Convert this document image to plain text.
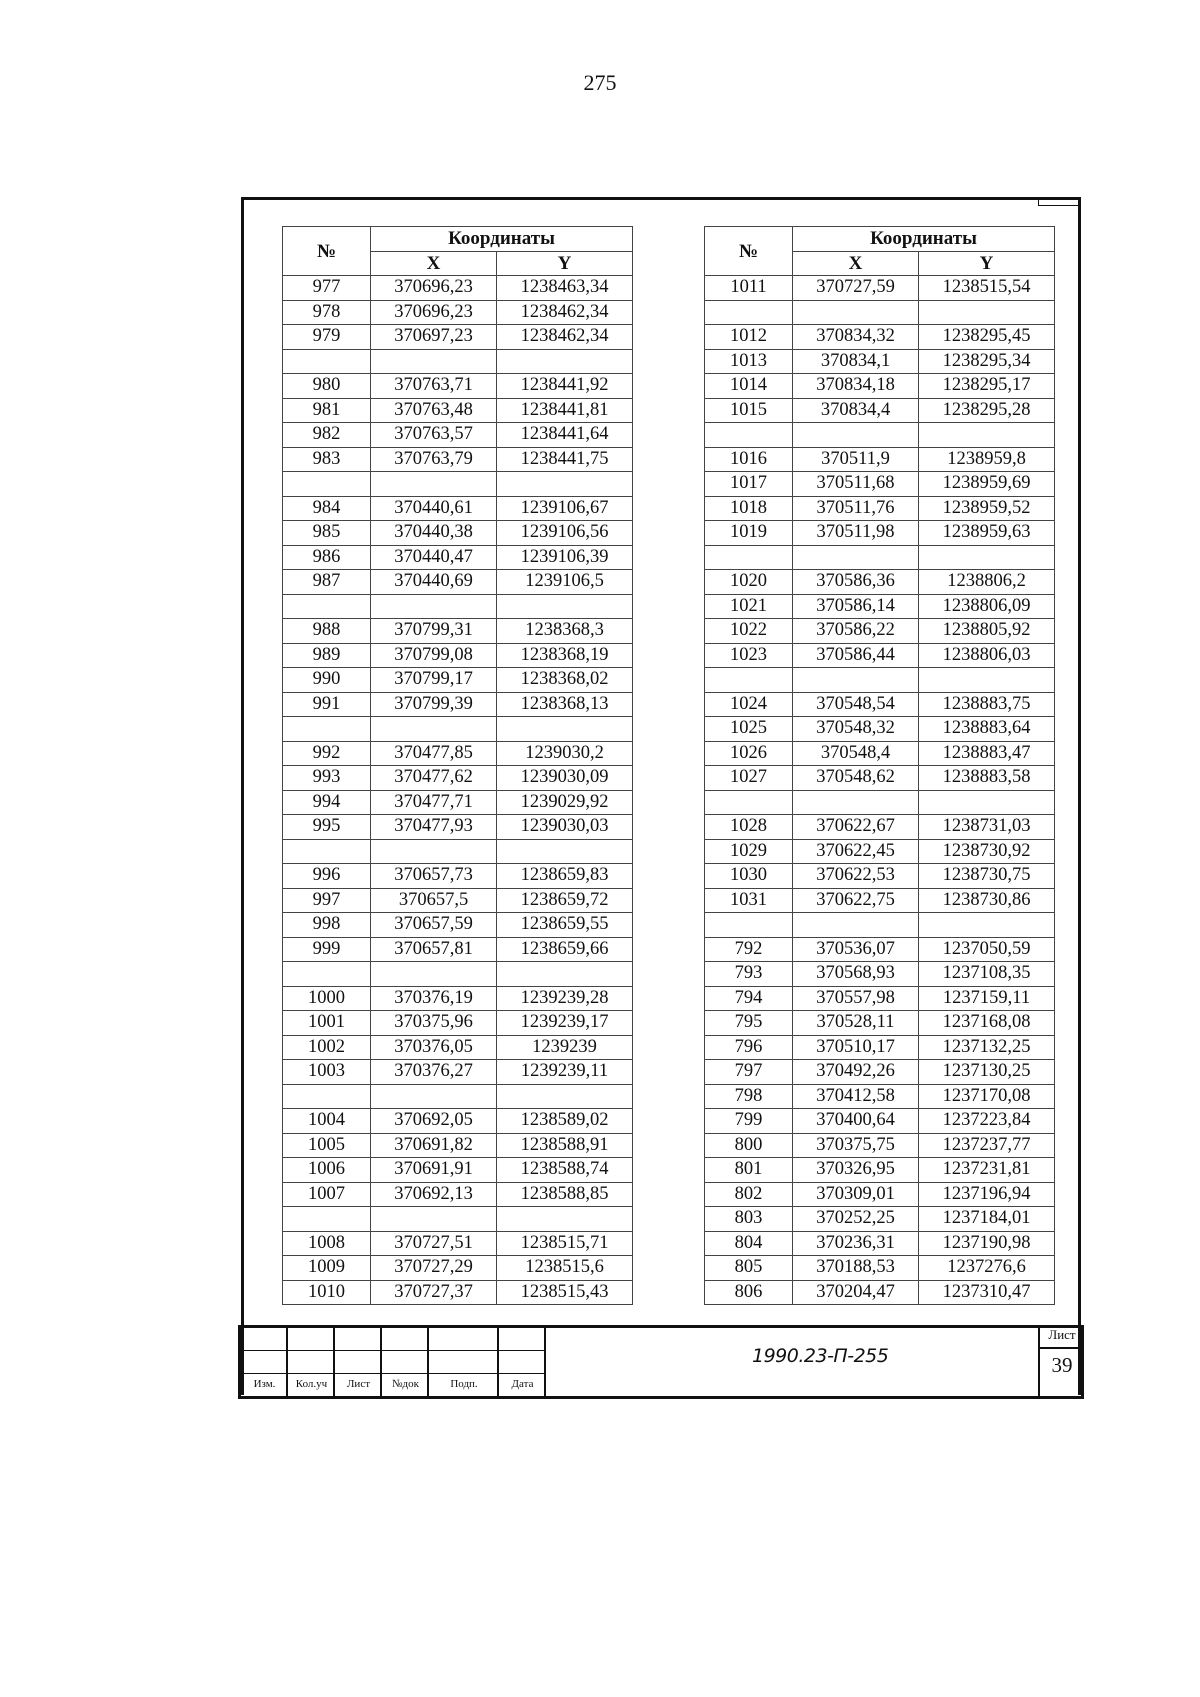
275
№	Координаты	
	X	Y
977	370696,23	1238463,34
978	370696,23	1238462,34
979	370697,23	1238462,34

980	370763,71	1238441,92
981	370763,48	1238441,81
982	370763,57	1238441,64
983	370763,79	1238441,75

984	370440,61	1239106,67
985	370440,38	1239106,56
986	370440,47	1239106,39
987	370440,69	1239106,5

988	370799,31	1238368,3
989	370799,08	1238368,19
990	370799,17	1238368,02
991	370799,39	1238368,13

992	370477,85	1239030,2
993	370477,62	1239030,09
994	370477,71	1239029,92
995	370477,93	1239030,03

996	370657,73	1238659,83
997	370657,5	1238659,72
998	370657,59	1238659,55
999	370657,81	1238659,66

1000	370376,19	1239239,28
1001	370375,96	1239239,17
1002	370376,05	1239239
1003	370376,27	1239239,11

1004	370692,05	1238589,02
1005	370691,82	1238588,91
1006	370691,91	1238588,74
1007	370692,13	1238588,85

1008	370727,51	1238515,71
1009	370727,29	1238515,6
1010	370727,37	1238515,43
№	Координаты	
	X	Y
1011	370727,59	1238515,54

1012	370834,32	1238295,45
1013	370834,1	1238295,34
1014	370834,18	1238295,17
1015	370834,4	1238295,28

1016	370511,9	1238959,8
1017	370511,68	1238959,69
1018	370511,76	1238959,52
1019	370511,98	1238959,63

1020	370586,36	1238806,2
1021	370586,14	1238806,09
1022	370586,22	1238805,92
1023	370586,44	1238806,03

1024	370548,54	1238883,75
1025	370548,32	1238883,64
1026	370548,4	1238883,47
1027	370548,62	1238883,58

1028	370622,67	1238731,03
1029	370622,45	1238730,92
1030	370622,53	1238730,75
1031	370622,75	1238730,86

792	370536,07	1237050,59
793	370568,93	1237108,35
794	370557,98	1237159,11
795	370528,11	1237168,08
796	370510,17	1237132,25
797	370492,26	1237130,25
798	370412,58	1237170,08
799	370400,64	1237223,84
800	370375,75	1237237,77
801	370326,95	1237231,81
802	370309,01	1237196,94
803	370252,25	1237184,01
804	370236,31	1237190,98
805	370188,53	1237276,6
806	370204,47	1237310,47
Изм.	Кол.уч	Лист	№док	Подп.	Дата
1990.23-П-255
Лист
39
